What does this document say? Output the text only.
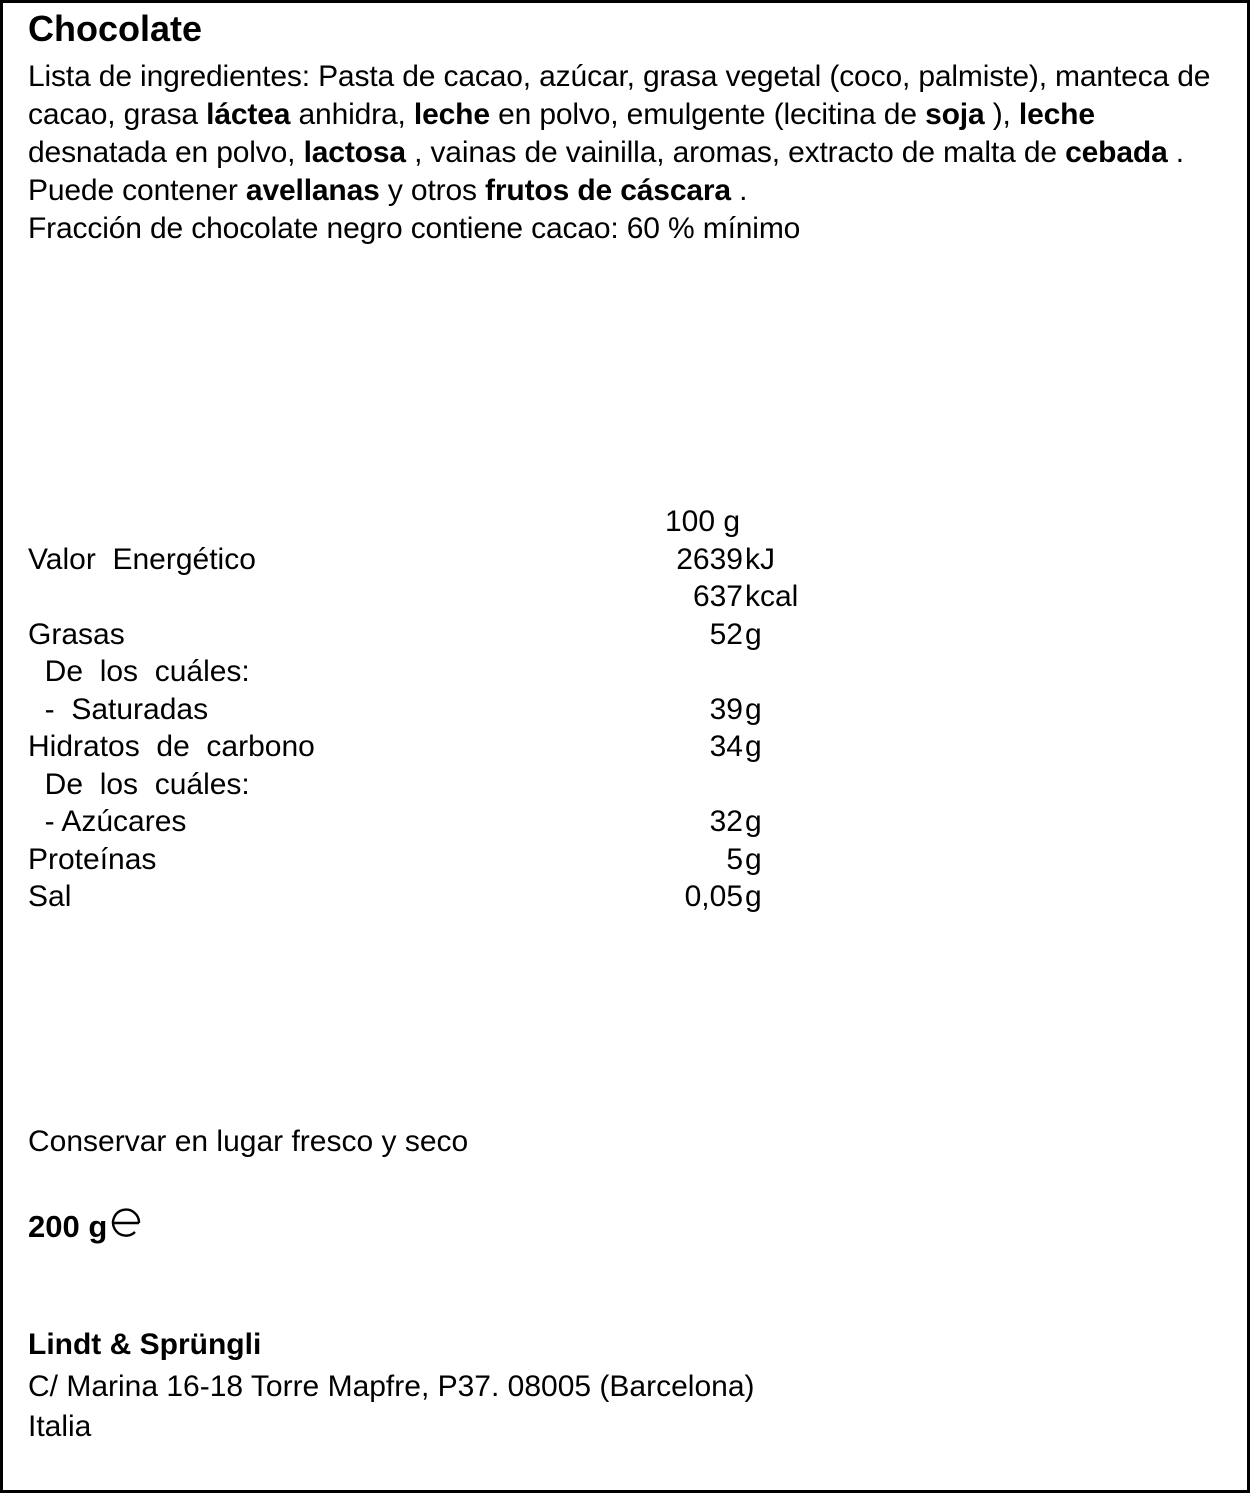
Chocolate
Lista de ingredientes: Pasta de cacao, azúcar, grasa vegetal (coco, palmiste), manteca de cacao, grasa láctea anhidra, leche en polvo, emulgente (lecitina de soja ), leche desnatada en polvo, lactosa , vainas de vainilla, aromas, extracto de malta de cebada . Puede contener avellanas y otros frutos de cáscara .
Fracción de chocolate negro contiene cacao: 60 % mínimo
100 g
Valor  Energético	2639 kJ
637 kcal
Grasas	52 g
De  los  cuáles:
-  Saturadas	39 g
Hidratos  de  carbono	34 g
De  los  cuáles:
- Azúcares	32 g
Proteínas	5 g
Sal	0,05 g
Conservar en lugar fresco y seco
200 g
Lindt & Sprüngli
C/ Marina 16-18 Torre Mapfre, P37. 08005 (Barcelona)
Italia
